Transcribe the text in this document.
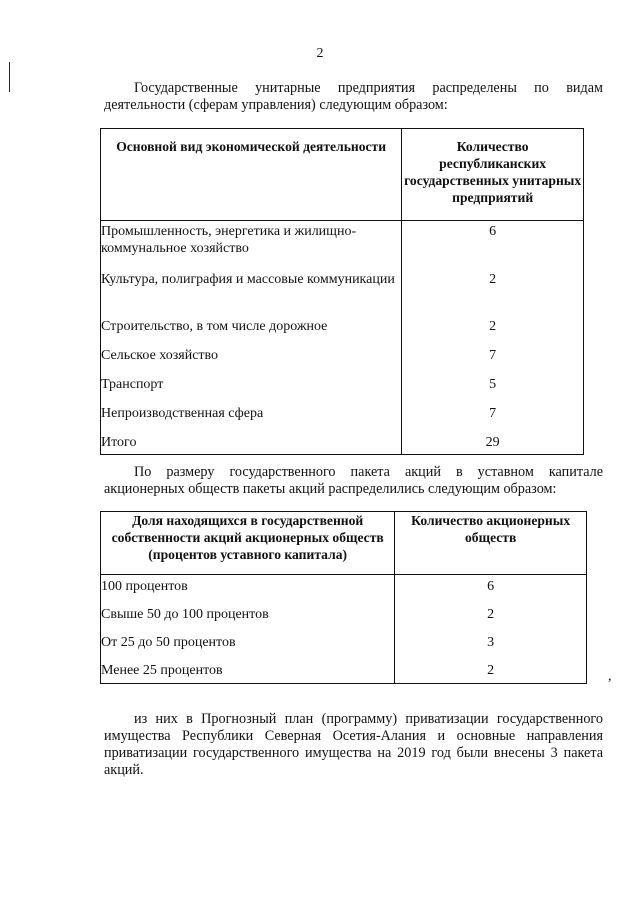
2

Государственные унитарные предприятия распределены по видам деятельности (сферам управления) следующим образом:

Основной вид экономической деятельности	Количество республиканских государственных унитарных предприятий
Промышленность, энергетика и жилищно-коммунальное хозяйство	6
Культура, полиграфия и массовые коммуникации	2
Строительство, в том числе дорожное	2
Сельское хозяйство	7
Транспорт	5
Непроизводственная сфера	7
Итого	29

По размеру государственного пакета акций в уставном капитале акционерных обществ пакеты акций распределились следующим образом:

Доля находящихся в государственной собственности акций акционерных обществ (процентов уставного капитала)	Количество акционерных обществ
100 процентов	6
Свыше 50 до 100 процентов	2
От 25 до 50 процентов	3
Менее 25 процентов	2	,

из них в Прогнозный план (программу) приватизации государственного имущества Республики Северная Осетия-Алания и основные направления приватизации государственного имущества на 2019 год были внесены 3 пакета акций.
